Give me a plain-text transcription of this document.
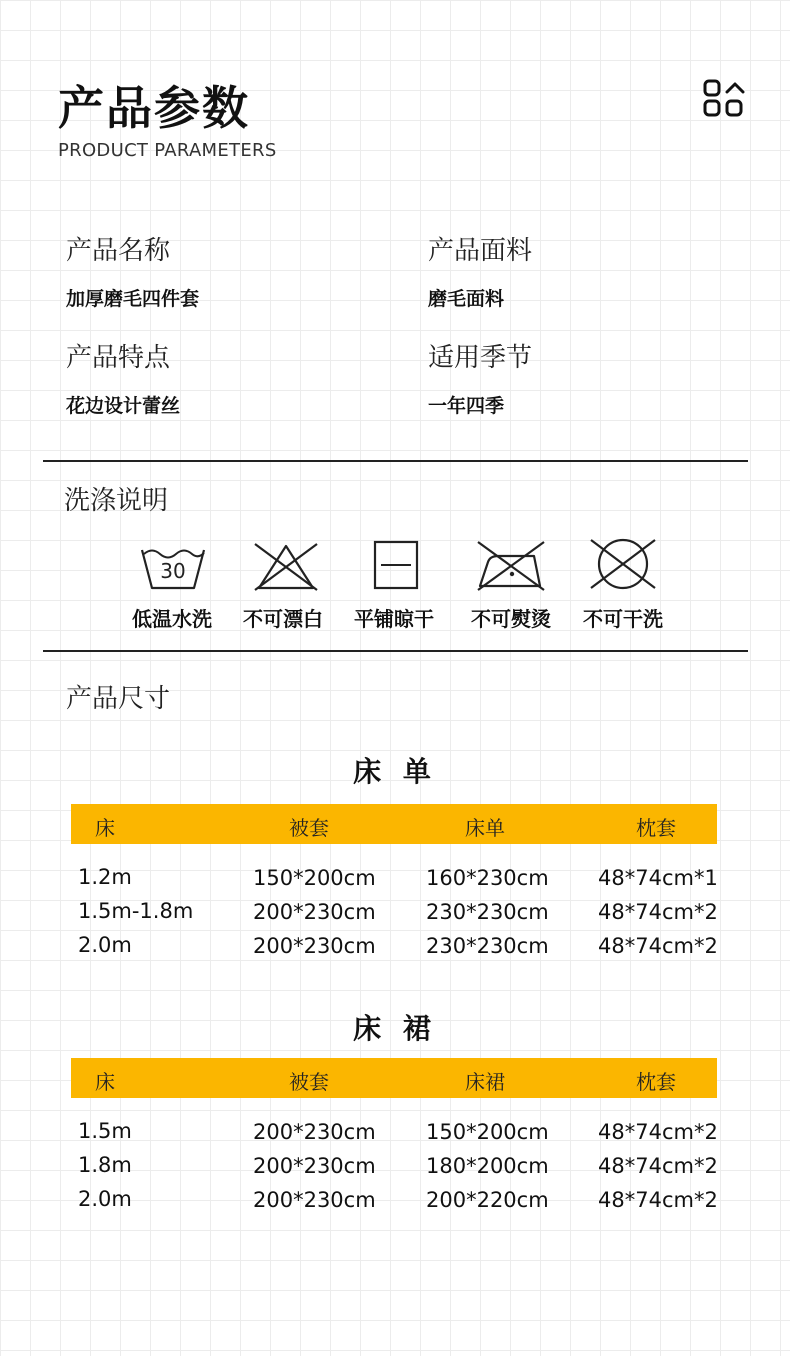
产品参数
PRODUCT PARAMETERS
产品名称
加厚磨毛四件套
产品面料
磨毛面料
产品特点
花边设计蕾丝
适用季节
一年四季
洗涤说明
30
低温水洗	不可漂白	平铺晾干	不可熨烫	不可干洗
产品尺寸
床 单
床	被套	床单	枕套
1.2m	150*200cm 160*230cm 48*74cm*1
1.5m-1.8m	200*230cm 230*230cm 48*74cm*2
2.0m	200*230cm 230*230cm 48*74cm*2
床 裙
床	被套	床裙	枕套
1.5m	200*230cm 150*200cm 48*74cm*2
1.8m	200*230cm 180*200cm 48*74cm*2
2.0m	200*230cm 200*220cm 48*74cm*2
